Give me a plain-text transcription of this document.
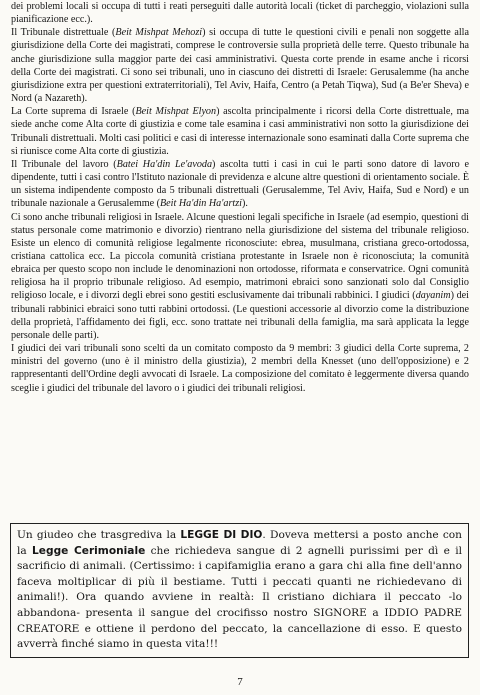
dei problemi locali si occupa di tutti i reati perseguiti dalle autorità locali (ticket di parcheggio, violazioni sulla pianificazione ecc.).

Il Tribunale distrettuale (Beit Mishpat Mehozi) si occupa di tutte le questioni civili e penali non soggette alla giurisdizione della Corte dei magistrati, comprese le controversie sulla proprietà delle terre. Questo tribunale ha anche giurisdizione sulla maggior parte dei casi amministrativi. Questa corte prende in esame anche i ricorsi della Corte dei magistrati. Ci sono sei tribunali, uno in ciascuno dei distretti di Israele: Gerusalemme (ha anche giurisdizione extra per questioni extraterritoriali), Tel Aviv, Haifa, Centro (a Petah Tiqwa), Sud (a Be'er Sheva) e Nord (a Nazareth).

La Corte suprema di Israele (Beit Mishpat Elyon) ascolta principalmente i ricorsi della Corte distrettuale, ma siede anche come Alta corte di giustizia e come tale esamina i casi amministrativi non sotto la giurisdizione dei Tribunali distrettuali. Molti casi politici e casi di interesse internazionale sono esaminati dalla Corte suprema che si riunisce come Alta corte di giustizia.

Il Tribunale del lavoro (Batei Ha'din Le'avoda) ascolta tutti i casi in cui le parti sono datore di lavoro e dipendente, tutti i casi contro l'Istituto nazionale di previdenza e alcune altre questioni di orientamento sociale. È un sistema indipendente composto da 5 tribunali distrettuali (Gerusalemme, Tel Aviv, Haifa, Sud e Nord) e un tribunale nazionale a Gerusalemme (Beit Ha'din Ha'artzi).

Ci sono anche tribunali religiosi in Israele. Alcune questioni legali specifiche in Israele (ad esempio, questioni di status personale come matrimonio e divorzio) rientrano nella giurisdizione del sistema del tribunale religioso. Esiste un elenco di comunità religiose legalmente riconosciute: ebrea, musulmana, cristiana greco-ortodossa, cristiana cattolica ecc. La piccola comunità cristiana protestante in Israele non è riconosciuta; la comunità ebraica per questo scopo non include le denominazioni non ortodosse, riformata e conservatrice. Ogni comunità religiosa ha il proprio tribunale religioso. Ad esempio, matrimoni ebraici sono sanzionati solo dal Consiglio religioso locale, e i divorzi degli ebrei sono gestiti esclusivamente dai tribunali rabbinici. I giudici (dayanim) dei tribunali rabbinici ebraici sono tutti rabbini ortodossi. (Le questioni accessorie al divorzio come la distribuzione della proprietà, l'affidamento dei figli, ecc. sono trattate nei tribunali della famiglia, ma sarà applicata la legge personale delle parti).

I giudici dei vari tribunali sono scelti da un comitato composto da 9 membri: 3 giudici della Corte suprema, 2 ministri del governo (uno è il ministro della giustizia), 2 membri della Knesset (uno dell'opposizione) e 2 rappresentanti dell'Ordine degli avvocati di Israele. La composizione del comitato è leggermente diversa quando sceglie i giudici del tribunale del lavoro o i giudici dei tribunali religiosi.

Un giudeo che trasgrediva la LEGGE DI DIO. Doveva mettersi a posto anche con la Legge Cerimoniale che richiedeva sangue di 2 agnelli purissimi per dì e il sacrificio di animali. (Certissimo: i capifamiglia erano a gara chi alla fine dell'anno faceva moltiplicar di più il bestiame. Tutti i peccati quanti ne richiedevano di animali!). Ora quando avviene in realtà: Il cristiano dichiara il peccato -lo abbandona- presenta il sangue del crocifisso nostro SIGNORE a IDDIO PADRE CREATORE e ottiene il perdono del peccato, la cancellazione di esso. E questo avverrà finché siamo in questa vita!!!
7
